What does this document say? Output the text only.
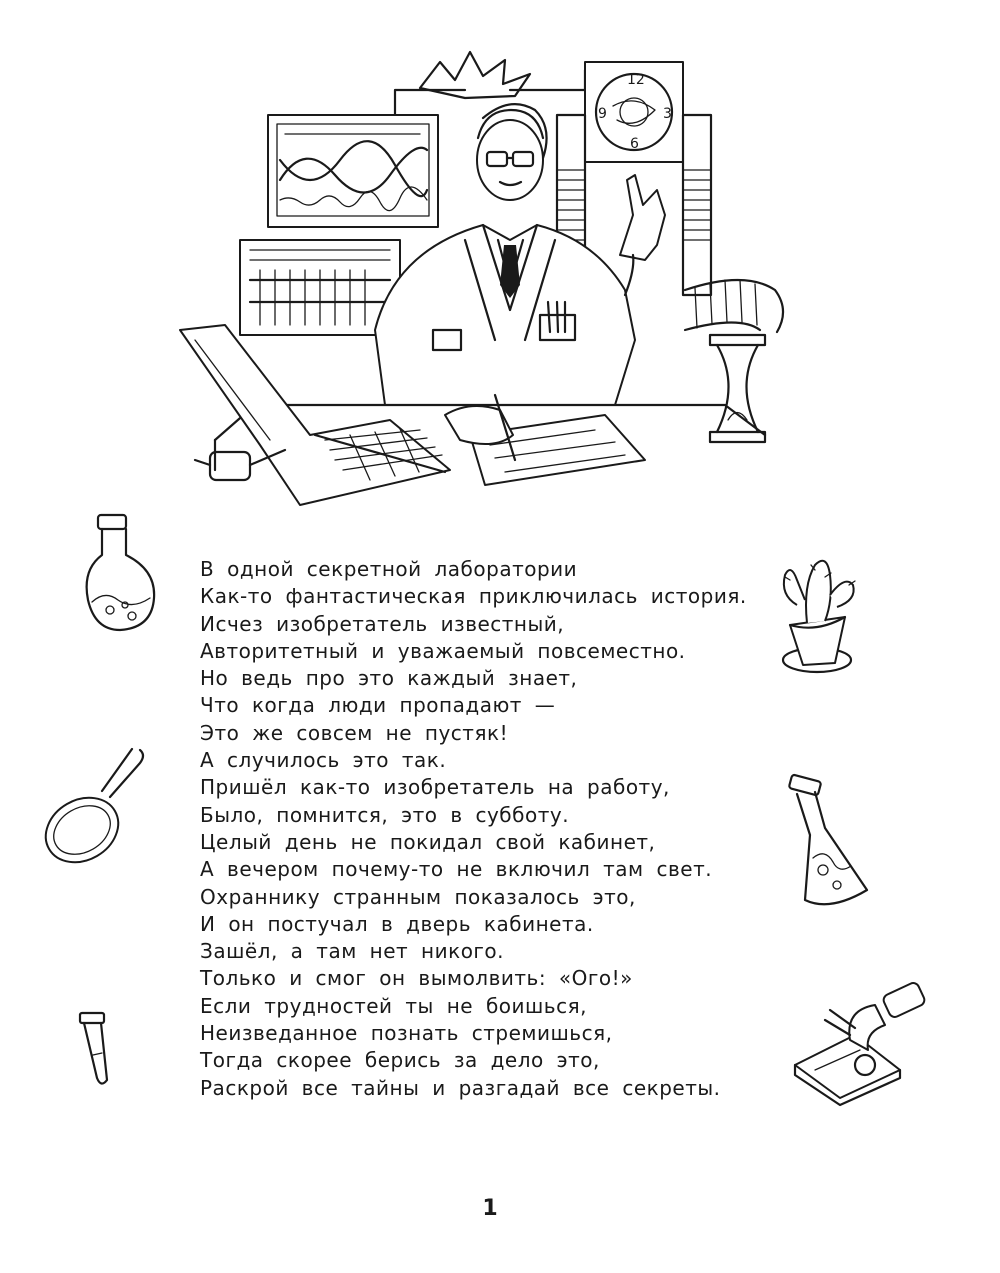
12
3
6
9
В одной секретной лаборатории
Как-то фантастическая приключилась история.
Исчез изобретатель известный,
Авторитетный и уважаемый повсеместно.
Но ведь про это каждый знает,
Что когда люди пропадают —
Это же совсем не пустяк!
А случилось это так.
Пришёл как-то изобретатель на работу,
Было, помнится, это в субботу.
Целый день не покидал свой кабинет,
А вечером почему-то не включил там свет.
Охраннику странным показалось это,
И он постучал в дверь кабинета.
Зашёл, а там нет никого.
Только и смог он вымолвить: «Ого!»
Если трудностей ты не боишься,
Неизведанное познать стремишься,
Тогда скорее берись за дело это,
Раскрой все тайны и разгадай все секреты.
1
